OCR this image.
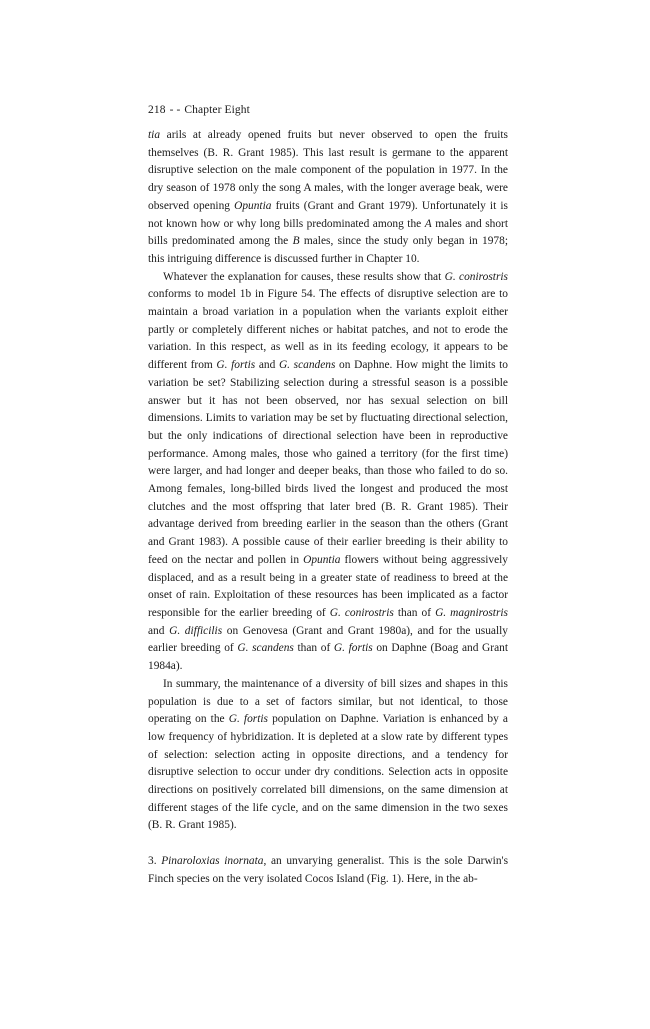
218 - - Chapter Eight

tia arils at already opened fruits but never observed to open the fruits themselves (B. R. Grant 1985). This last result is germane to the apparent disruptive selection on the male component of the population in 1977. In the dry season of 1978 only the song A males, with the longer average beak, were observed opening Opuntia fruits (Grant and Grant 1979). Unfortunately it is not known how or why long bills predominated among the A males and short bills predominated among the B males, since the study only began in 1978; this intriguing difference is discussed further in Chapter 10.

Whatever the explanation for causes, these results show that G. conirostris conforms to model 1b in Figure 54. The effects of disruptive selection are to maintain a broad variation in a population when the variants exploit either partly or completely different niches or habitat patches, and not to erode the variation. In this respect, as well as in its feeding ecology, it appears to be different from G. fortis and G. scandens on Daphne. How might the limits to variation be set? Stabilizing selection during a stressful season is a possible answer but it has not been observed, nor has sexual selection on bill dimensions. Limits to variation may be set by fluctuating directional selection, but the only indications of directional selection have been in reproductive performance. Among males, those who gained a territory (for the first time) were larger, and had longer and deeper beaks, than those who failed to do so. Among females, long-billed birds lived the longest and produced the most clutches and the most offspring that later bred (B. R. Grant 1985). Their advantage derived from breeding earlier in the season than the others (Grant and Grant 1983). A possible cause of their earlier breeding is their ability to feed on the nectar and pollen in Opuntia flowers without being aggressively displaced, and as a result being in a greater state of readiness to breed at the onset of rain. Exploitation of these resources has been implicated as a factor responsible for the earlier breeding of G. conirostris than of G. magnirostris and G. difficilis on Genovesa (Grant and Grant 1980a), and for the usually earlier breeding of G. scandens than of G. fortis on Daphne (Boag and Grant 1984a).

In summary, the maintenance of a diversity of bill sizes and shapes in this population is due to a set of factors similar, but not identical, to those operating on the G. fortis population on Daphne. Variation is enhanced by a low frequency of hybridization. It is depleted at a slow rate by different types of selection: selection acting in opposite directions, and a tendency for disruptive selection to occur under dry conditions. Selection acts in opposite directions on positively correlated bill dimensions, on the same dimension at different stages of the life cycle, and on the same dimension in the two sexes (B. R. Grant 1985).

3. Pinaroloxias inornata, an unvarying generalist. This is the sole Darwin's Finch species on the very isolated Cocos Island (Fig. 1). Here, in the ab-
